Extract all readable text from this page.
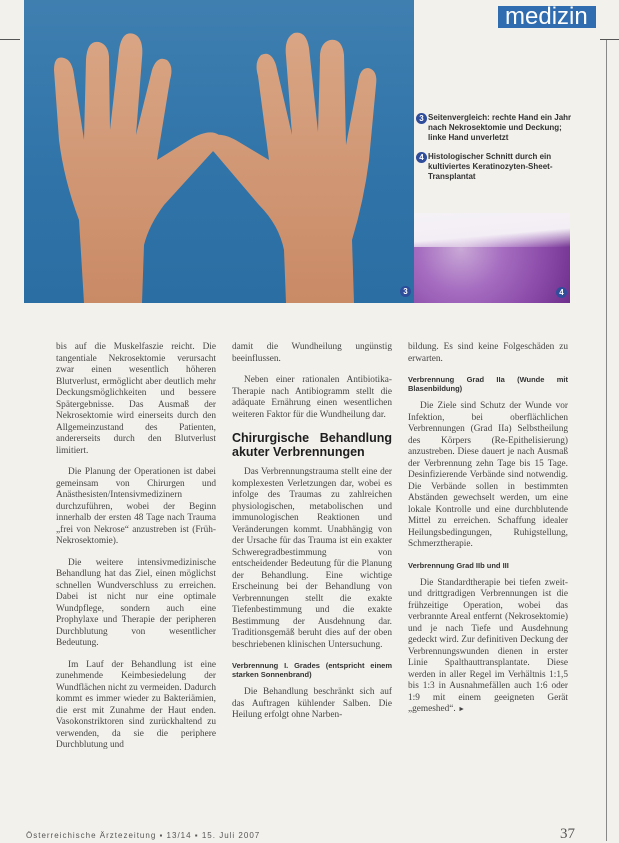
medizin
3	4
3 Seitenvergleich: rechte Hand ein Jahr nach Nekrosektomie und Deckung; linke Hand unverletzt
4 Histologischer Schnitt durch ein kultiviertes Keratinozyten-Sheet-Transplantat

bis auf die Muskelfaszie reicht. Die tangentiale Nekrosektomie verursacht zwar einen wesentlich höheren Blutverlust, ermöglicht aber deutlich mehr Deckungsmöglichkeiten und bessere Spätergebnisse. Das Ausmaß der Nekrosektomie wird einerseits durch den Allgemeinzustand des Patienten, andererseits durch den Blutverlust limitiert.

Die Planung der Operationen ist dabei gemeinsam von Chirurgen und Anästhesisten/Intensivmedizinern durchzuführen, wobei der Beginn innerhalb der ersten 48 Tage nach Trauma „frei von Nekrose“ anzustreben ist (Früh-Nekrosektomie).

Die weitere intensivmedizinische Behandlung hat das Ziel, einen möglichst schnellen Wundverschluss zu erreichen. Dabei ist nicht nur eine optimale Wundpflege, sondern auch eine Prophylaxe und Therapie der peripheren Durchblutung von wesentlicher Bedeutung.

Im Lauf der Behandlung ist eine zunehmende Keimbesiedelung der Wundflächen nicht zu vermeiden. Dadurch kommt es immer wieder zu Bakteriämien, die erst mit Zunahme der Haut enden. Vasokonstriktoren sind zurückhaltend zu verwenden, da sie die periphere Durchblutung und

damit die Wundheilung ungünstig beeinflussen.

Neben einer rationalen Antibiotika-Therapie nach Antibiogramm stellt die adäquate Ernährung einen wesentlichen weiteren Faktor für die Wundheilung dar.

Chirurgische Behandlung akuter Verbrennungen

Das Verbrennungstrauma stellt eine der komplexesten Verletzungen dar, wobei es infolge des Traumas zu zahlreichen physiologischen, metabolischen und immunologischen Reaktionen und Veränderungen kommt. Unabhängig von der Ursache für das Trauma ist ein exakter Schweregradbestimmung von entscheidender Bedeutung für die Planung der Behandlung. Eine wichtige Erscheinung bei der Behandlung von Verbrennungen stellt die exakte Tiefenbestimmung und die exakte Bestimmung der Ausdehnung dar. Traditionsgemäß beruht dies auf der oben beschriebenen klinischen Untersuchung.

Verbrennung I. Grades (entspricht einem starken Sonnenbrand)

Die Behandlung beschränkt sich auf das Auftragen kühlender Salben. Die Heilung erfolgt ohne Narben-

bildung. Es sind keine Folgeschäden zu erwarten.

Verbrennung Grad IIa (Wunde mit Blasenbildung)

Die Ziele sind Schutz der Wunde vor Infektion, bei oberflächlichen Verbrennungen (Grad IIa) Selbstheilung des Körpers (Re-Epithelisierung) anzustreben. Diese dauert je nach Ausmaß der Verbrennung zehn Tage bis 15 Tage. Desinfizierende Verbände sind notwendig. Die Verbände sollen in bestimmten Abständen gewechselt werden, um eine lokale Kontrolle und eine durchblutende Mittel zu erreichen. Schaffung idealer Heilungsbedingungen, Ruhigstellung, Schmerztherapie.

Verbrennung Grad IIb und III

Die Standardtherapie bei tiefen zweit- und drittgradigen Verbrennungen ist die frühzeitige Operation, wobei das verbrannte Areal entfernt (Nekrosektomie) und je nach Tiefe und Ausdehnung gedeckt wird. Zur definitiven Deckung der Verbrennungswunden dienen in erster Linie Spalthauttransplantate. Diese werden in aller Regel im Verhältnis 1:1,5 bis 1:3 in Ausnahmefällen auch 1:6 oder 1:9 mit einem geeigneten Gerät „gemeshed“. ►

Österreichische Ärztezeitung ▪ 13/14 ▪ 15. Juli 2007	37
